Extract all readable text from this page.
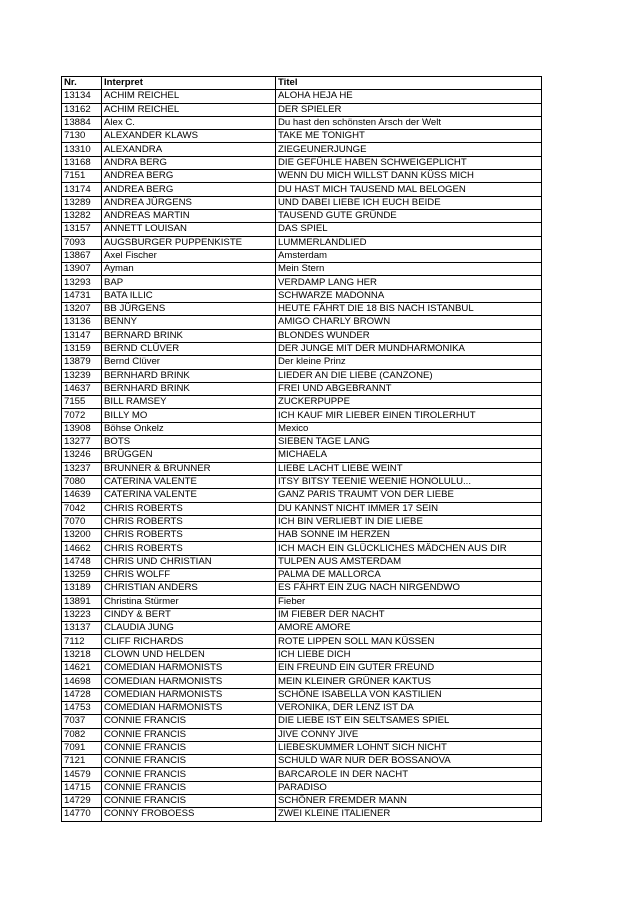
Nr.	Interpret	Titel
13134	ACHIM REICHEL	ALOHA HEJA HE
13162	ACHIM REICHEL	DER SPIELER
13884	Alex C.	Du hast den schönsten Arsch der Welt
7130	ALEXANDER KLAWS	TAKE ME TONIGHT
13310	ALEXANDRA	ZIEGEUNERJUNGE
13168	ANDRA BERG	DIE GEFÜHLE HABEN SCHWEIGEPLICHT
7151	ANDREA BERG	WENN DU MICH WILLST DANN KÜSS MICH
13174	ANDREA BERG	DU HAST MICH TAUSEND MAL BELOGEN
13289	ANDREA JÜRGENS	UND DABEI LIEBE ICH EUCH BEIDE
13282	ANDREAS MARTIN	TAUSEND GUTE GRÜNDE
13157	ANNETT LOUISAN	DAS SPIEL
7093	AUGSBURGER PUPPENKISTE	LUMMERLANDLIED
13867	Axel Fischer	Amsterdam
13907	Ayman	Mein Stern
13293	BAP	VERDAMP LANG HER
14731	BATA ILLIC	SCHWARZE MADONNA
13207	BB JÜRGENS	HEUTE FÄHRT DIE 18 BIS NACH ISTANBUL
13136	BENNY	AMIGO CHARLY BROWN
13147	BERNARD BRINK	BLONDES WUNDER
13159	BERND CLÜVER	DER JUNGE MIT DER MUNDHARMONIKA
13879	Bernd Clüver	Der kleine Prinz
13239	BERNHARD BRINK	LIEDER AN DIE LIEBE (CANZONE)
14637	BERNHARD BRINK	FREI UND ABGEBRANNT
7155	BILL RAMSEY	ZUCKERPUPPE
7072	BILLY MO	ICH KAUF MIR LIEBER EINEN TIROLERHUT
13908	Böhse Onkelz	Mexico
13277	BOTS	SIEBEN TAGE LANG
13246	BRÜGGEN	MICHAELA
13237	BRUNNER & BRUNNER	LIEBE LACHT LIEBE WEINT
7080	CATERINA VALENTE	ITSY BITSY TEENIE WEENIE HONOLULU...
14639	CATERINA VALENTE	GANZ PARIS TRAUMT VON DER LIEBE
7042	CHRIS ROBERTS	DU KANNST NICHT IMMER 17 SEIN
7070	CHRIS ROBERTS	ICH BIN VERLIEBT IN DIE LIEBE
13200	CHRIS ROBERTS	HAB SONNE IM HERZEN
14662	CHRIS ROBERTS	ICH MACH EIN GLÜCKLICHES MÄDCHEN AUS DIR
14748	CHRIS UND CHRISTIAN	TULPEN AUS AMSTERDAM
13259	CHRIS WOLFF	PALMA DE MALLORCA
13189	CHRISTIAN ANDERS	ES FÄHRT EIN ZUG NACH NIRGENDWO
13891	Christina Stürmer	Fieber
13223	CINDY & BERT	IM FIEBER DER NACHT
13137	CLAUDIA JUNG	AMORE AMORE
7112	CLIFF RICHARDS	ROTE LIPPEN SOLL MAN KÜSSEN
13218	CLOWN UND HELDEN	ICH LIEBE DICH
14621	COMEDIAN HARMONISTS	EIN FREUND EIN GUTER FREUND
14698	COMEDIAN HARMONISTS	MEIN KLEINER GRÜNER KAKTUS
14728	COMEDIAN HARMONISTS	SCHÖNE ISABELLA VON KASTILIEN
14753	COMEDIAN HARMONISTS	VERONIKA, DER LENZ IST DA
7037	CONNIE FRANCIS	DIE LIEBE IST EIN SELTSAMES SPIEL
7082	CONNIE FRANCIS	JIVE CONNY JIVE
7091	CONNIE FRANCIS	LIEBESKUMMER LOHNT SICH NICHT
7121	CONNIE FRANCIS	SCHULD WAR NUR DER BOSSANOVA
14579	CONNIE FRANCIS	BARCAROLE IN DER NACHT
14715	CONNIE FRANCIS	PARADISO
14729	CONNIE FRANCIS	SCHÖNER FREMDER MANN
14770	CONNY FROBOESS	ZWEI KLEINE ITALIENER
